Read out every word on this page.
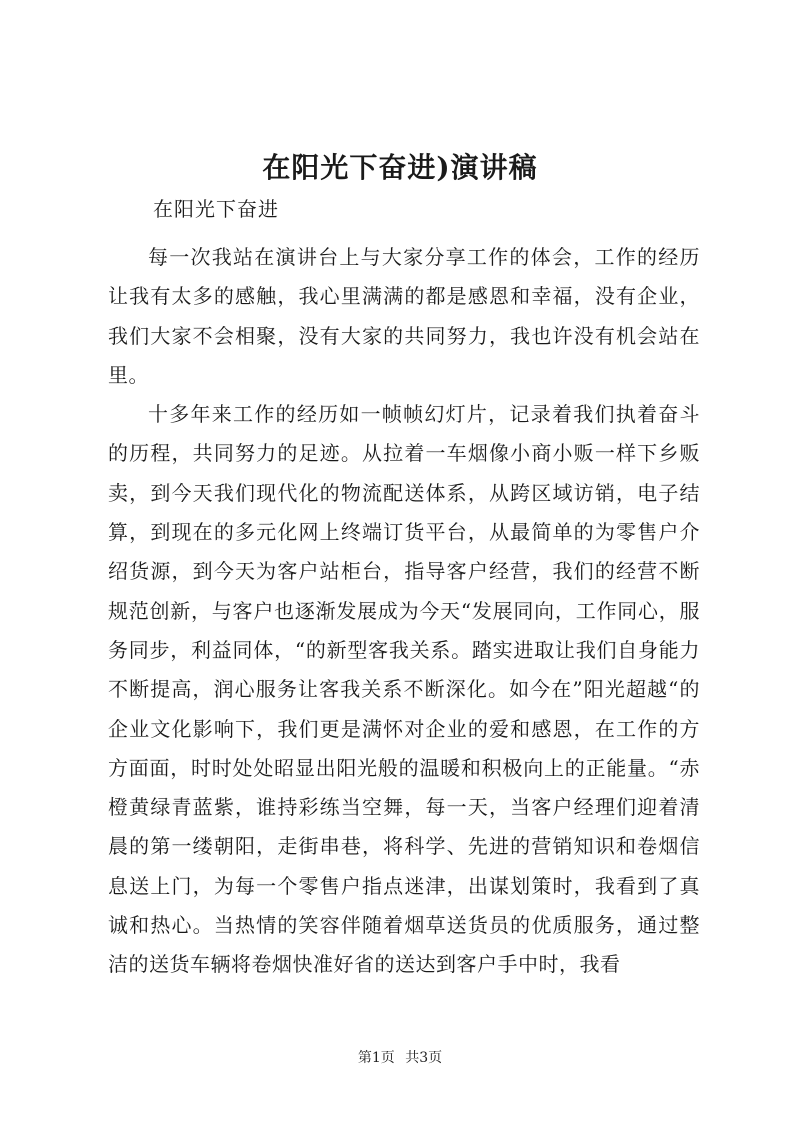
在阳光下奋进)演讲稿
在阳光下奋进

每一次我站在演讲台上与大家分享工作的体会，工作的经历让我有太多的感触，我心里满满的都是感恩和幸福，没有企业，我们大家不会相聚，没有大家的共同努力，我也许没有机会站在里。

十多年来工作的经历如一帧帧幻灯片，记录着我们执着奋斗的历程，共同努力的足迹。从拉着一车烟像小商小贩一样下乡贩卖，到今天我们现代化的物流配送体系，从跨区域访销，电子结算，到现在的多元化网上终端订货平台，从最简单的为零售户介绍货源，到今天为客户站柜台，指导客户经营，我们的经营不断规范创新，与客户也逐渐发展成为今天“发展同向，工作同心，服务同步，利益同体，“的新型客我关系。踏实进取让我们自身能力不断提高，润心服务让客我关系不断深化。如今在”阳光超越“的企业文化影响下，我们更是满怀对企业的爱和感恩，在工作的方方面面，时时处处昭显出阳光般的温暖和积极向上的正能量。“赤橙黄绿青蓝紫，谁持彩练当空舞，每一天，当客户经理们迎着清晨的第一缕朝阳，走街串巷，将科学、先进的营销知识和卷烟信息送上门，为每一个零售户指点迷津，出谋划策时，我看到了真诚和热心。当热情的笑容伴随着烟草送货员的优质服务，通过整洁的送货车辆将卷烟快准好省的送达到客户手中时，我看

第1页 共3页
